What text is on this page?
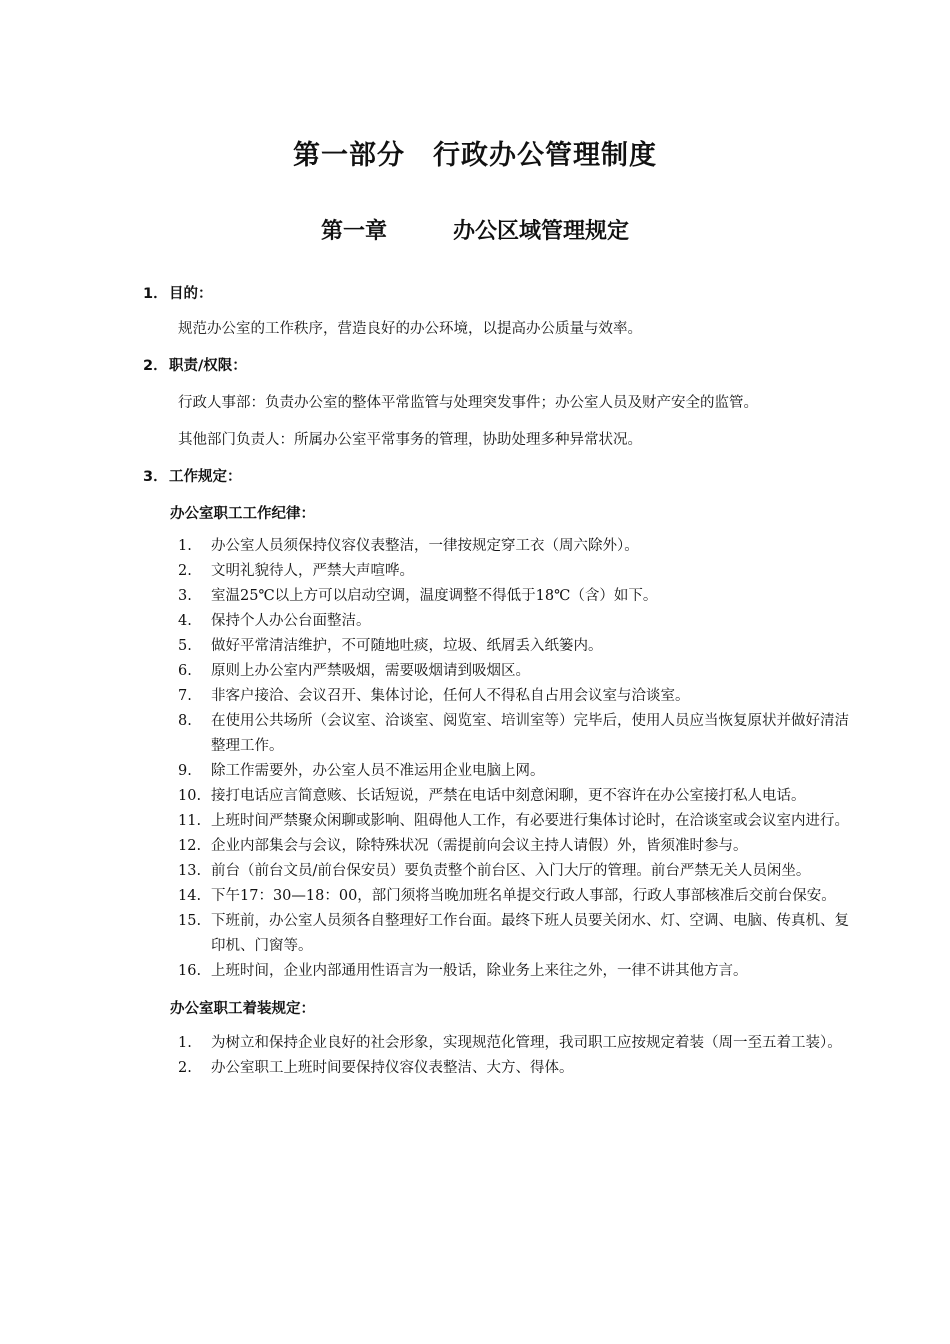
第一部分　行政办公管理制度
第一章　　　办公区域管理规定

1．目的：

规范办公室的工作秩序，营造良好的办公环境，以提高办公质量与效率。

2．职责/权限：

行政人事部：负责办公室的整体平常监管与处理突发事件；办公室人员及财产安全的监管。

其他部门负责人：所属办公室平常事务的管理，协助处理多种异常状况。

3．工作规定：

办公室职工工作纪律：

1. 办公室人员须保持仪容仪表整洁，一律按规定穿工衣（周六除外）。
2. 文明礼貌待人，严禁大声喧哗。
3. 室温25℃以上方可以启动空调，温度调整不得低于18℃（含）如下。
4. 保持个人办公台面整洁。
5. 做好平常清洁维护，不可随地吐痰，垃圾、纸屑丢入纸篓内。
6. 原则上办公室内严禁吸烟，需要吸烟请到吸烟区。
7. 非客户接洽、会议召开、集体讨论，任何人不得私自占用会议室与洽谈室。
8. 在使用公共场所（会议室、洽谈室、阅览室、培训室等）完毕后，使用人员应当恢复原状并做好清洁整理工作。
9. 除工作需要外，办公室人员不准运用企业电脑上网。
10. 接打电话应言简意赅、长话短说，严禁在电话中刻意闲聊，更不容许在办公室接打私人电话。
11. 上班时间严禁聚众闲聊或影响、阻碍他人工作，有必要进行集体讨论时，在洽谈室或会议室内进行。
12. 企业内部集会与会议，除特殊状况（需提前向会议主持人请假）外，皆须准时参与。
13. 前台（前台文员/前台保安员）要负责整个前台区、入门大厅的管理。前台严禁无关人员闲坐。
14. 下午17：30—18：00，部门须将当晚加班名单提交行政人事部，行政人事部核准后交前台保安。
15. 下班前，办公室人员须各自整理好工作台面。最终下班人员要关闭水、灯、空调、电脑、传真机、复印机、门窗等。
16. 上班时间，企业内部通用性语言为一般话，除业务上来往之外，一律不讲其他方言。

办公室职工着装规定：

1. 为树立和保持企业良好的社会形象，实现规范化管理，我司职工应按规定着装（周一至五着工装）。
2. 办公室职工上班时间要保持仪容仪表整洁、大方、得体。
